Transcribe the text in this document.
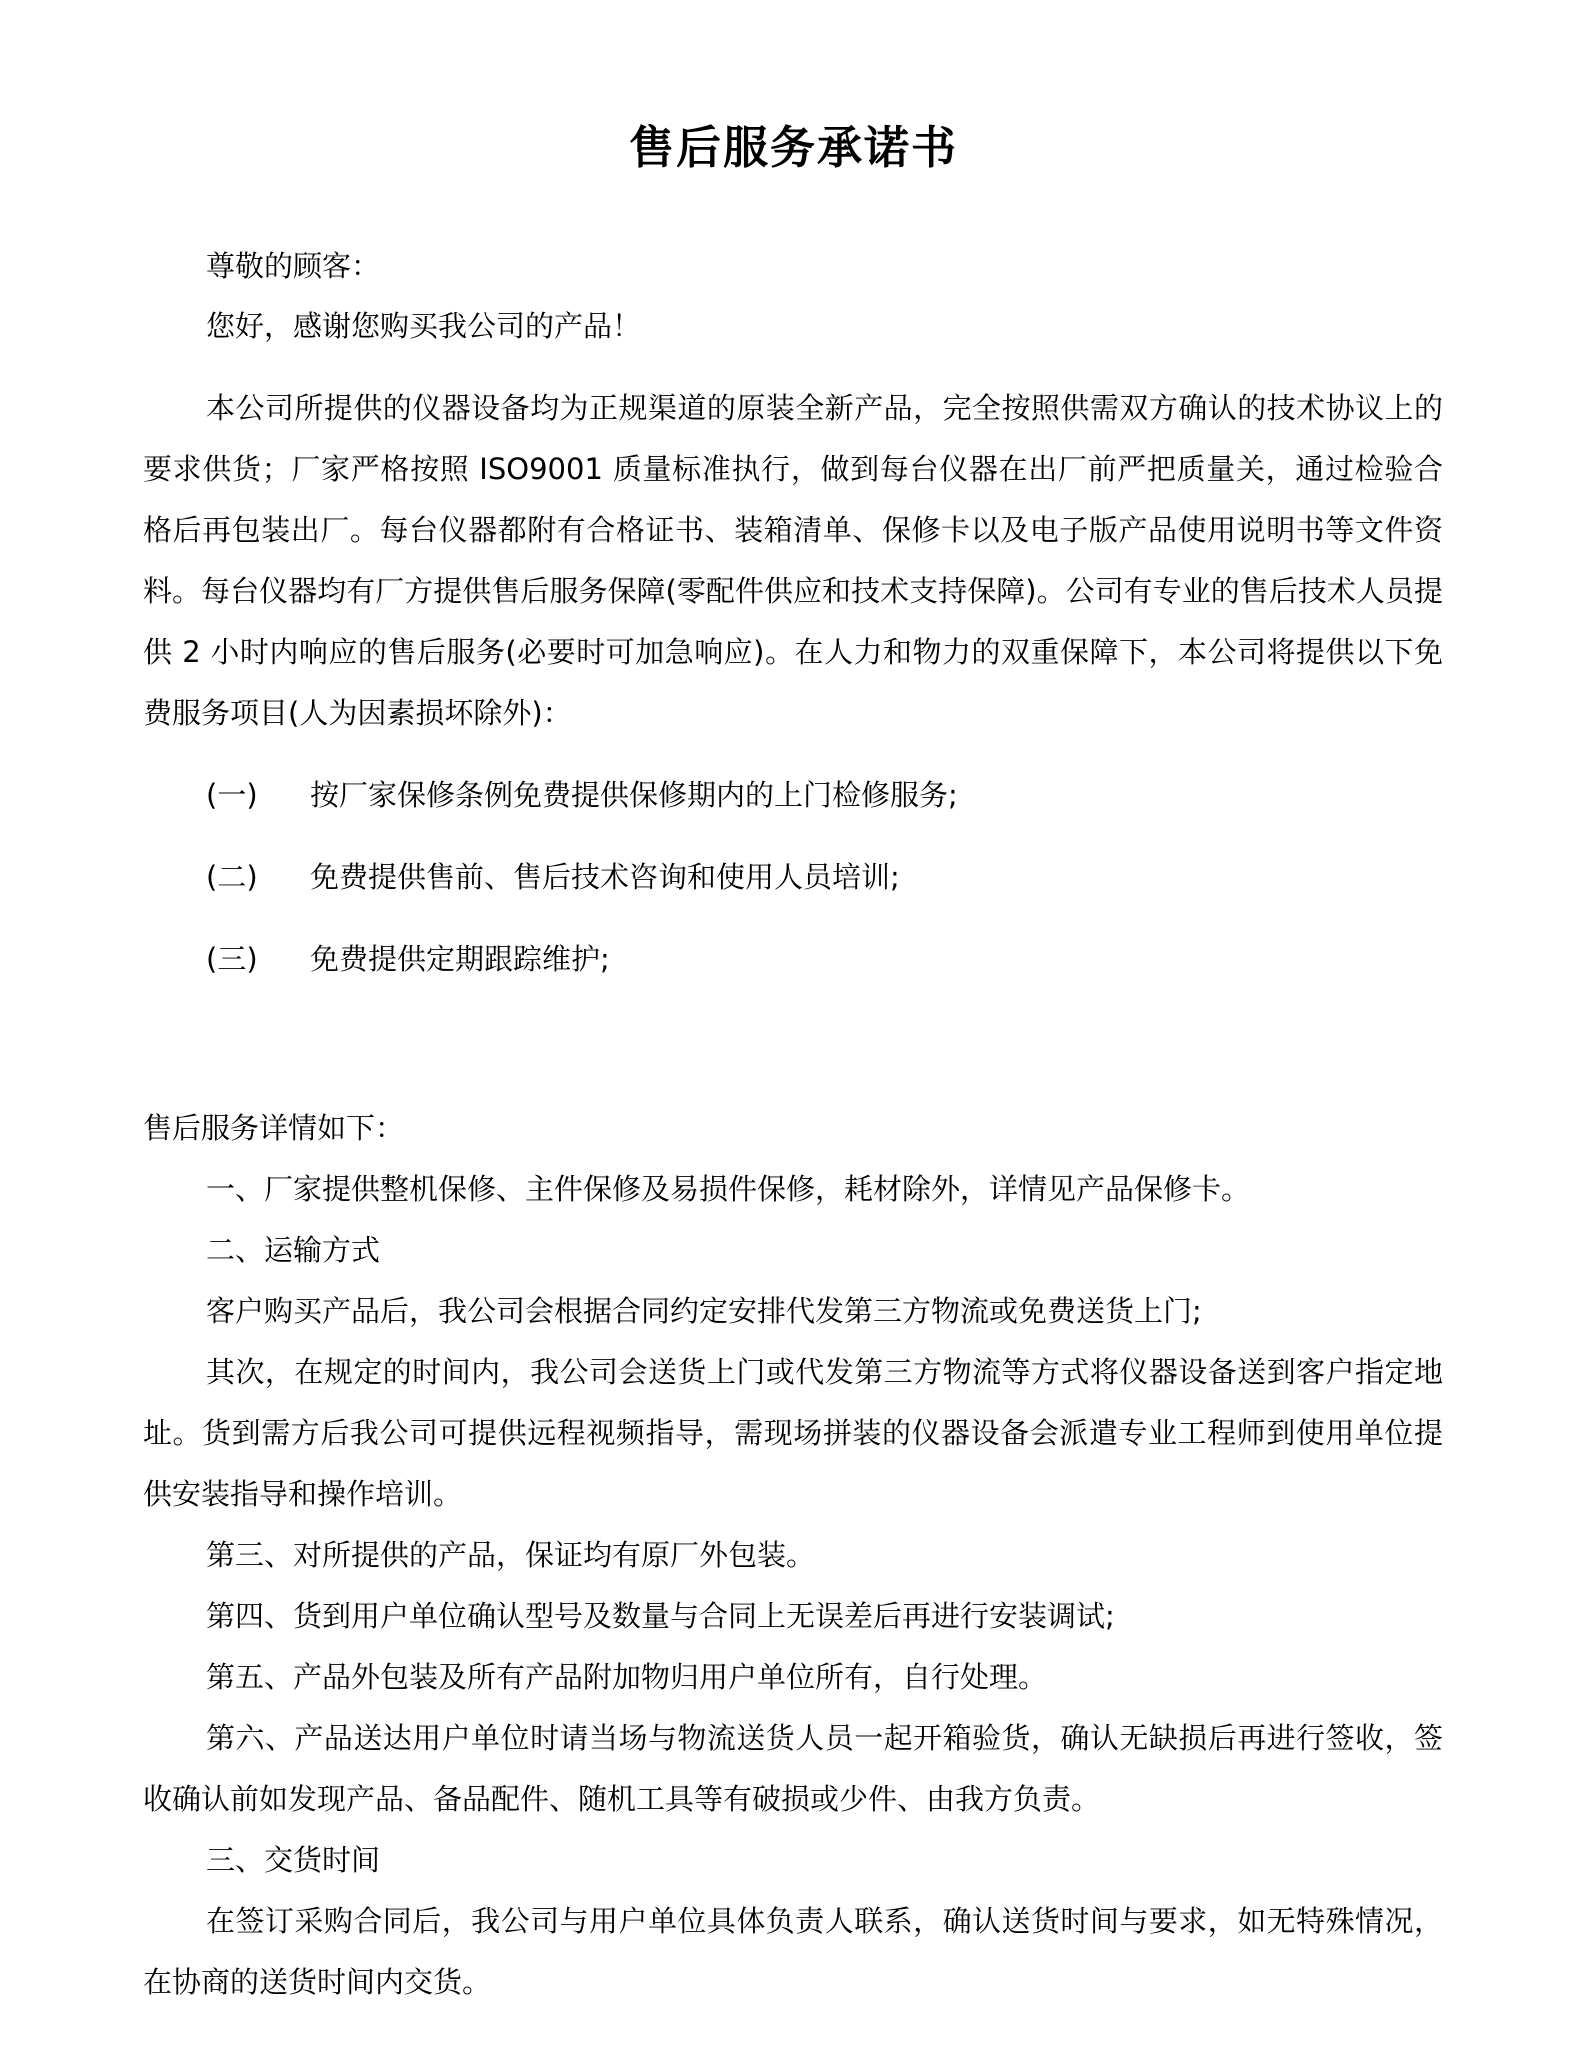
售后服务承诺书

尊敬的顾客：

您好，感谢您购买我公司的产品！

本公司所提供的仪器设备均为正规渠道的原装全新产品，完全按照供需双方确认的技术协议上的要求供货；厂家严格按照 ISO9001 质量标准执行，做到每台仪器在出厂前严把质量关，通过检验合格后再包装出厂。每台仪器都附有合格证书、装箱清单、保修卡以及电子版产品使用说明书等文件资料。每台仪器均有厂方提供售后服务保障(零配件供应和技术支持保障)。公司有专业的售后技术人员提供 2 小时内响应的售后服务(必要时可加急响应)。在人力和物力的双重保障下，本公司将提供以下免费服务项目(人为因素损坏除外)：

(一) 按厂家保修条例免费提供保修期内的上门检修服务;
(二) 免费提供售前、售后技术咨询和使用人员培训;
(三) 免费提供定期跟踪维护;

售后服务详情如下：

一、厂家提供整机保修、主件保修及易损件保修，耗材除外，详情见产品保修卡。

二、运输方式

客户购买产品后，我公司会根据合同约定安排代发第三方物流或免费送货上门;

其次，在规定的时间内，我公司会送货上门或代发第三方物流等方式将仪器设备送到客户指定地址。货到需方后我公司可提供远程视频指导，需现场拼装的仪器设备会派遣专业工程师到使用单位提供安装指导和操作培训。

第三、对所提供的产品，保证均有原厂外包装。

第四、货到用户单位确认型号及数量与合同上无误差后再进行安装调试;

第五、产品外包装及所有产品附加物归用户单位所有，自行处理。

第六、产品送达用户单位时请当场与物流送货人员一起开箱验货，确认无缺损后再进行签收，签收确认前如发现产品、备品配件、随机工具等有破损或少件、由我方负责。

三、交货时间

在签订采购合同后，我公司与用户单位具体负责人联系，确认送货时间与要求，如无特殊情况，在协商的送货时间内交货。
